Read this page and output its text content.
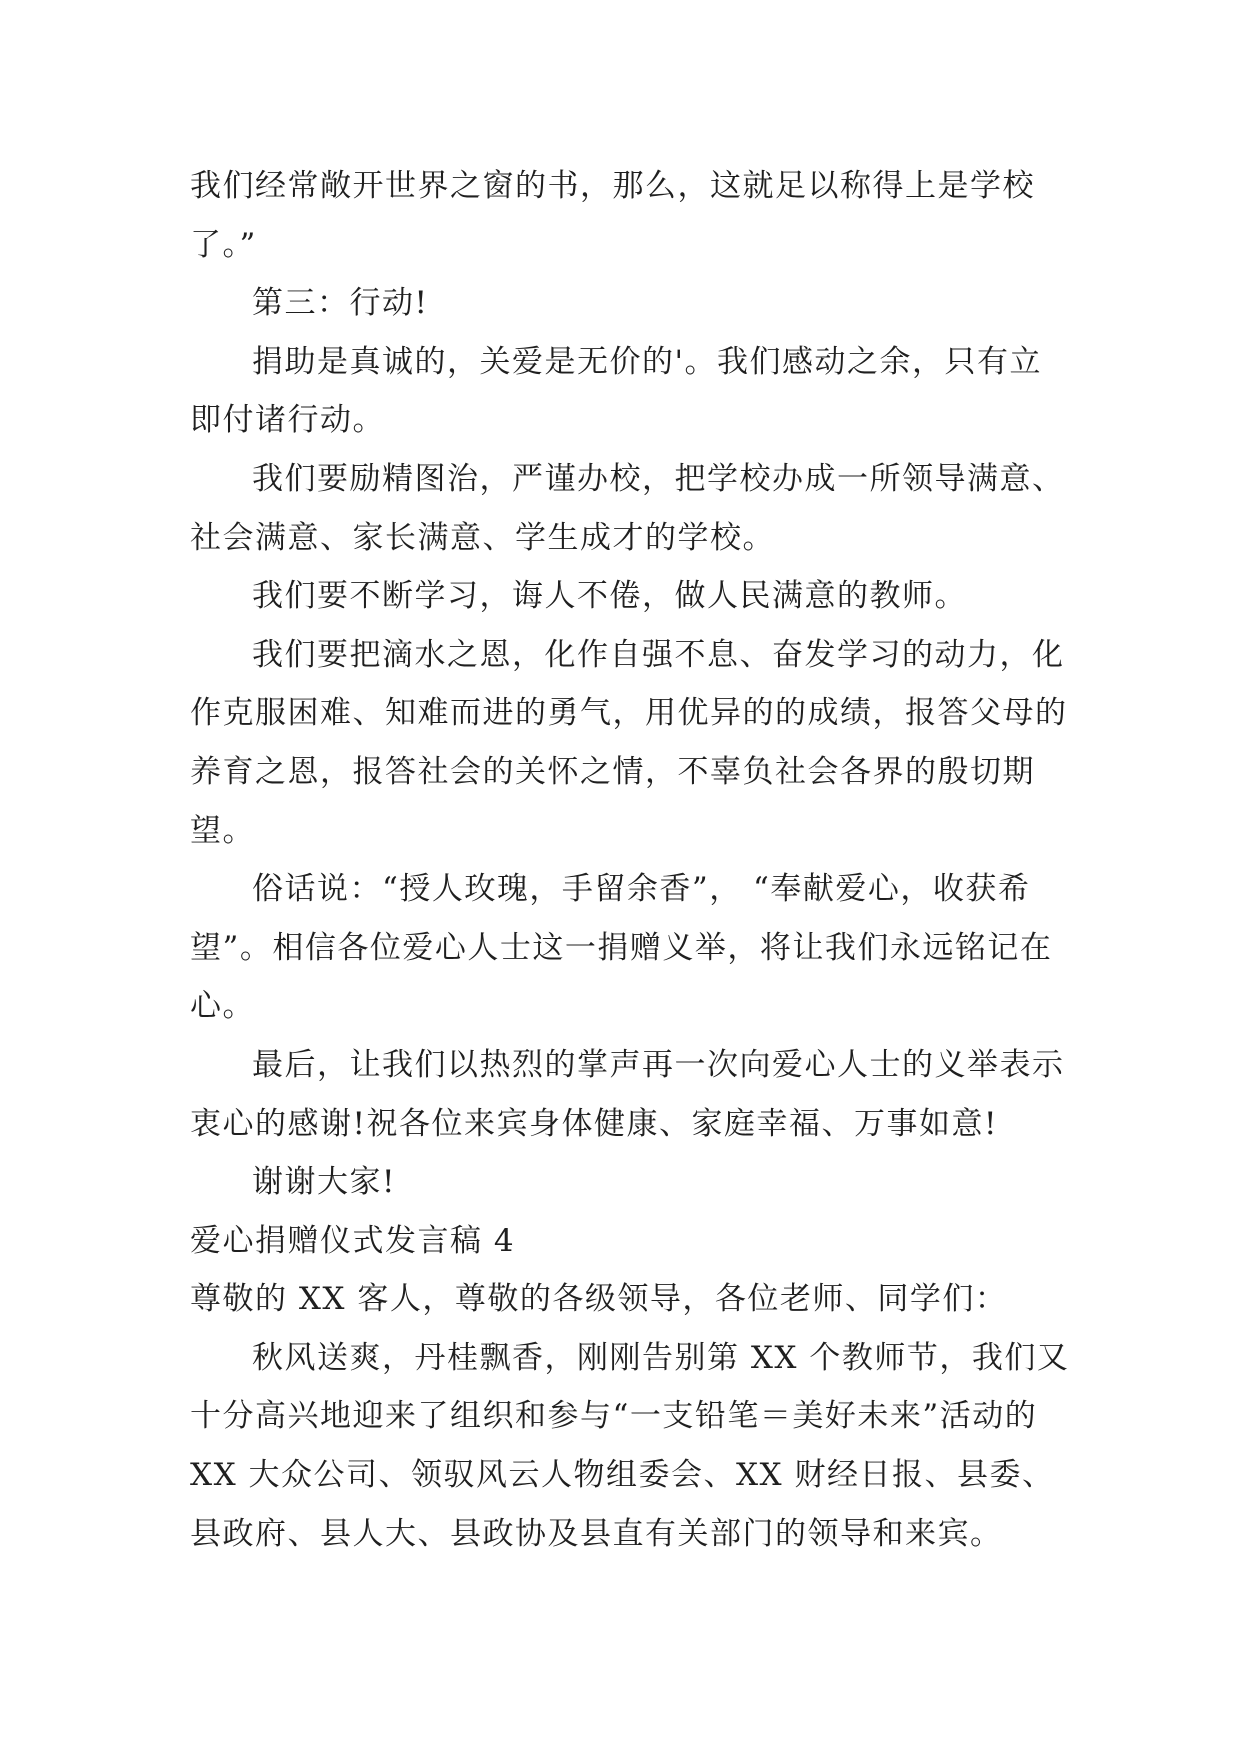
我们经常敞开世界之窗的书，那么，这就足以称得上是学校了。”

第三：行动!

捐助是真诚的，关爱是无价的'。我们感动之余，只有立即付诸行动。

我们要励精图治，严谨办校，把学校办成一所领导满意、社会满意、家长满意、学生成才的学校。

我们要不断学习，诲人不倦，做人民满意的教师。

我们要把滴水之恩，化作自强不息、奋发学习的动力，化作克服困难、知难而进的勇气，用优异的的成绩，报答父母的养育之恩，报答社会的关怀之情，不辜负社会各界的殷切期望。

俗话说：“授人玫瑰，手留余香”， “奉献爱心，收获希望”。相信各位爱心人士这一捐赠义举，将让我们永远铭记在心。

最后，让我们以热烈的掌声再一次向爱心人士的义举表示衷心的感谢!祝各位来宾身体健康、家庭幸福、万事如意!

谢谢大家!

爱心捐赠仪式发言稿 4

尊敬的 XX 客人，尊敬的各级领导，各位老师、同学们：

秋风送爽，丹桂飘香，刚刚告别第 XX 个教师节，我们又十分高兴地迎来了组织和参与“一支铅笔＝美好未来”活动的 XX 大众公司、领驭风云人物组委会、XX 财经日报、县委、县政府、县人大、县政协及县直有关部门的领导和来宾。
